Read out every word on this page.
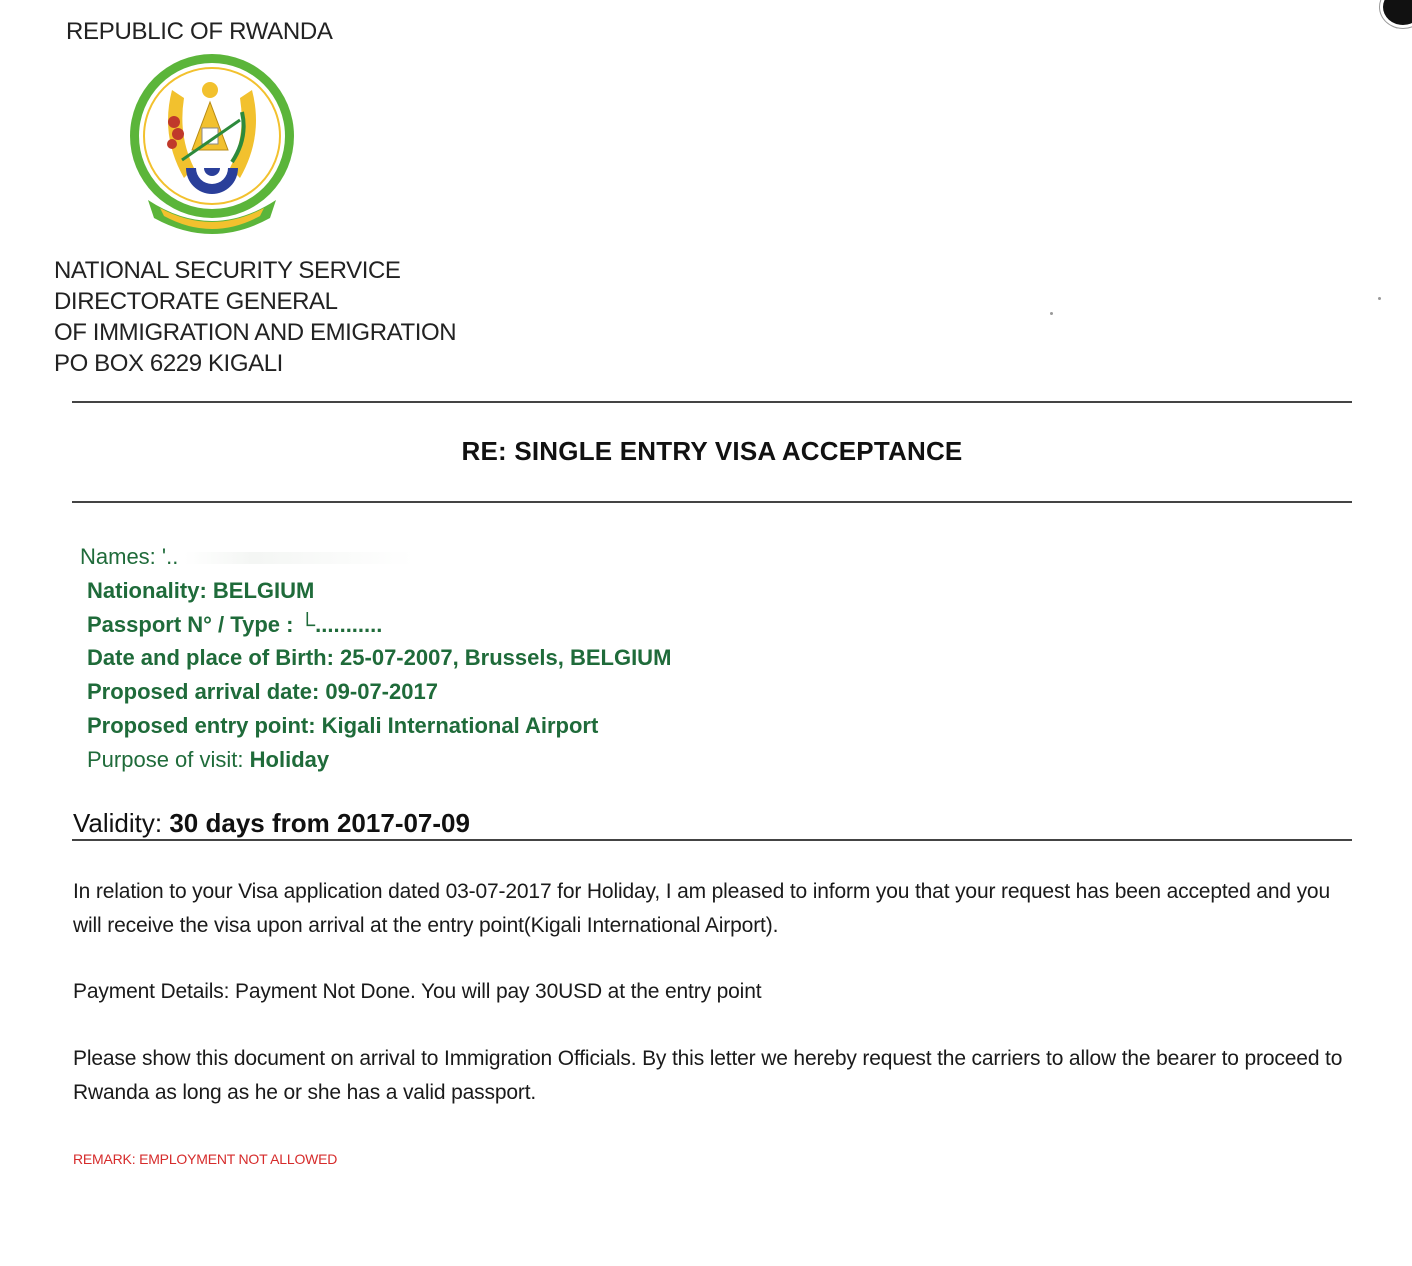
REPUBLIC OF RWANDA
NATIONAL SECURITY SERVICE
DIRECTORATE GENERAL
OF IMMIGRATION AND EMIGRATION
PO BOX 6229 KIGALI
RE: SINGLE ENTRY VISA ACCEPTANCE
Names: '..
Nationality: BELGIUM
Passport N° / Type : └...........
Date and place of Birth: 25-07-2007, Brussels, BELGIUM
Proposed arrival date: 09-07-2017
Proposed entry point: Kigali International Airport
Purpose of visit: Holiday
Validity: 30 days from 2017-07-09
In relation to your Visa application dated 03-07-2017 for Holiday, I am pleased to inform you that your request has been accepted and you will receive the visa upon arrival at the entry point(Kigali International Airport).
Payment Details: Payment Not Done. You will pay 30USD at the entry point
Please show this document on arrival to Immigration Officials. By this letter we hereby request the carriers to allow the bearer to proceed to Rwanda as long as he or she has a valid passport.
REMARK: EMPLOYMENT NOT ALLOWED
